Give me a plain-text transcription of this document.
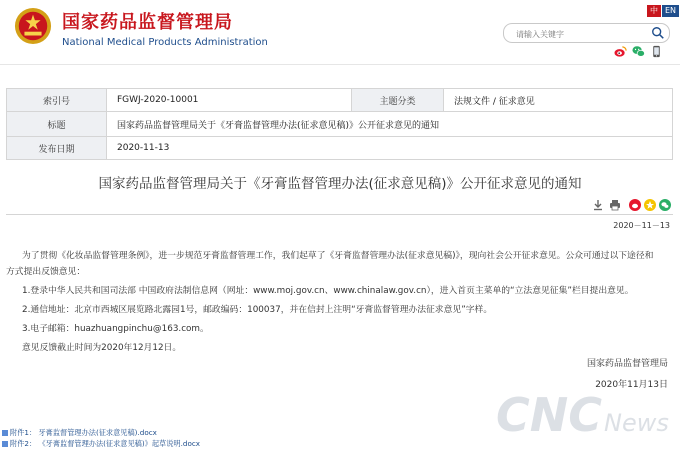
国家药品监督管理局
National Medical Products Administration
中 EN
请输入关键字
索引号	FGWJ-2020-10001	主题分类	法规文件 / 征求意见
标题	国家药品监督管理局关于《牙膏监督管理办法(征求意见稿)》公开征求意见的通知		
发布日期	2020-11-13		
国家药品监督管理局关于《牙膏监督管理办法(征求意见稿)》公开征求意见的通知
2020－11－13
为了贯彻《化妆品监督管理条例》，进一步规范牙膏监督管理工作，我们起草了《牙膏监督管理办法(征求意见稿)》，现向社会公开征求意见。公众可通过以下途径和
方式提出反馈意见：
1.登录中华人民共和国司法部 中国政府法制信息网（网址：www.moj.gov.cn、www.chinalaw.gov.cn），进入首页主菜单的“立法意见征集”栏目提出意见。
2.通信地址：北京市西城区展览路北露园1号，邮政编码：100037，并在信封上注明“牙膏监督管理办法征求意见”字样。
3.电子邮箱：huazhuangpinchu@163.com。
意见反馈截止时间为2020年12月12日。
国家药品监督管理局
2020年11月13日
CNC News
附件1： 牙膏监督管理办法(征求意见稿).docx
附件2： 《牙膏监督管理办法(征求意见稿)》起草说明.docx
